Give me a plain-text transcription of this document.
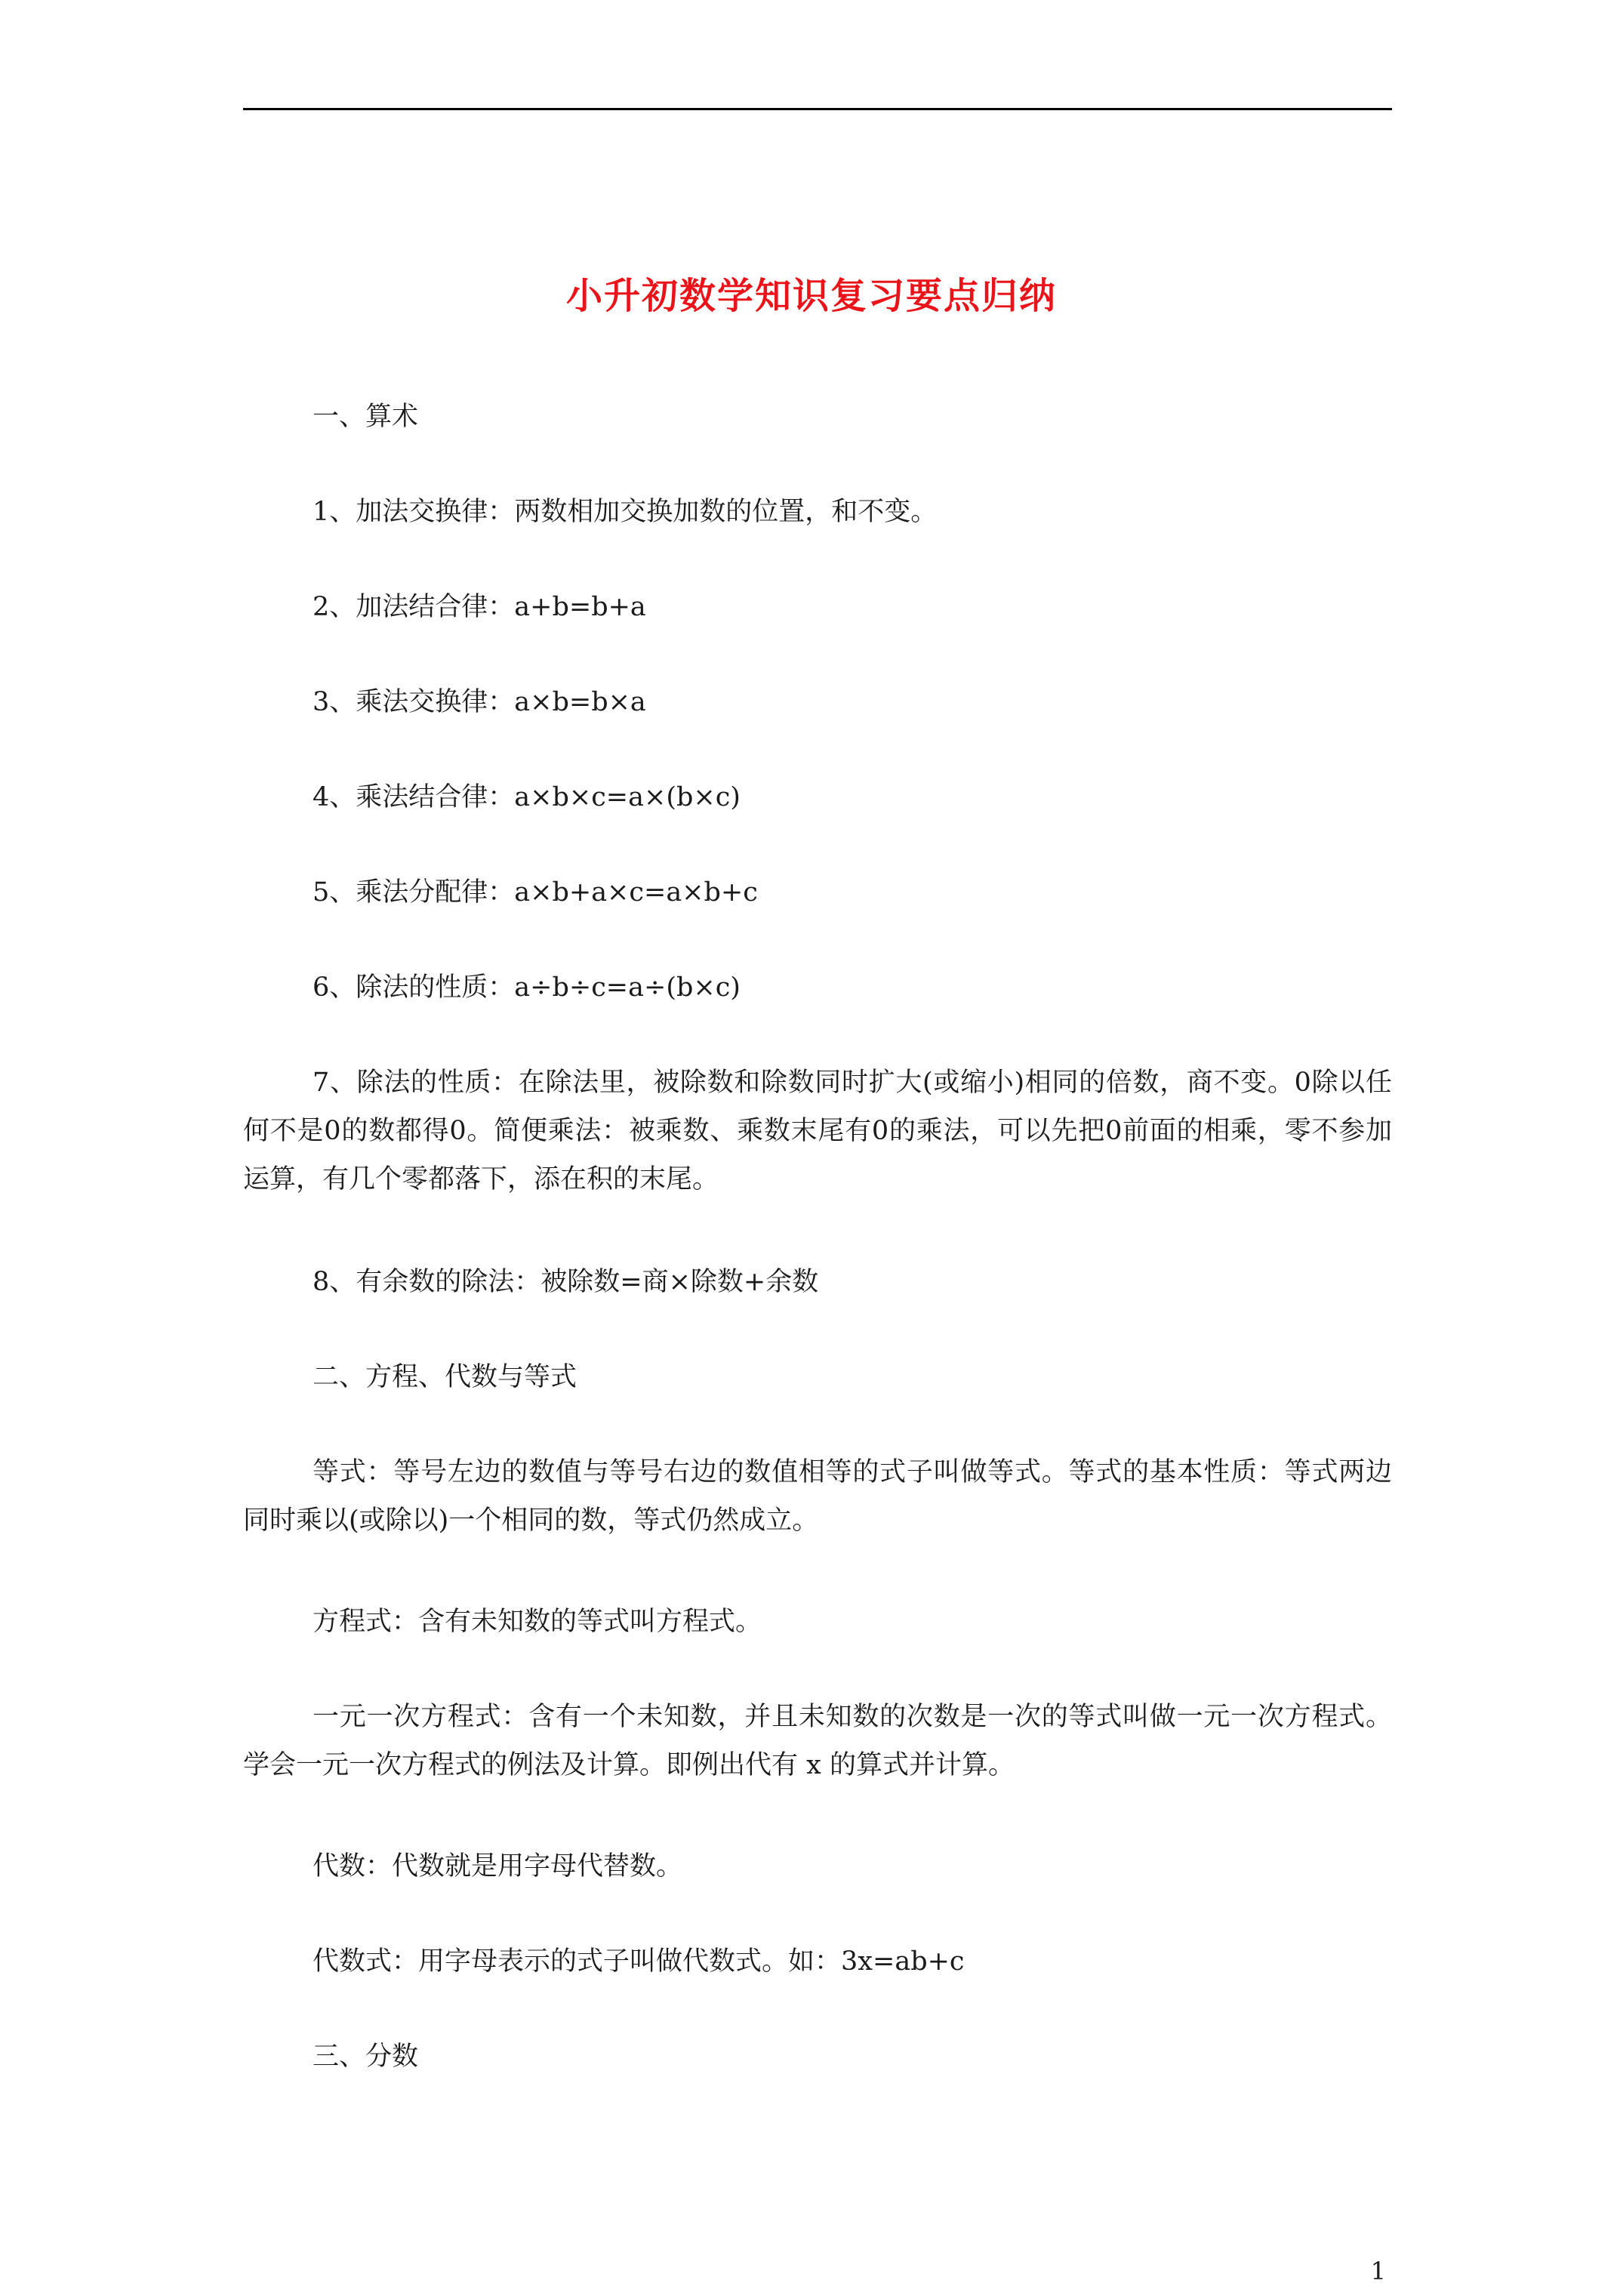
小升初数学知识复习要点归纳

一、算术

1、加法交换律：两数相加交换加数的位置，和不变。

2、加法结合律：a+b=b+a

3、乘法交换律：a×b=b×a

4、乘法结合律：a×b×c=a×(b×c)

5、乘法分配律：a×b+a×c=a×b+c

6、除法的性质：a÷b÷c=a÷(b×c)

7、除法的性质：在除法里，被除数和除数同时扩大(或缩小)相同的倍数，商不变。0除以任何不是0的数都得0。简便乘法：被乘数、乘数末尾有0的乘法，可以先把0前面的相乘，零不参加运算，有几个零都落下，添在积的末尾。

8、有余数的除法：被除数=商×除数+余数

二、方程、代数与等式

等式：等号左边的数值与等号右边的数值相等的式子叫做等式。等式的基本性质：等式两边同时乘以(或除以)一个相同的数，等式仍然成立。

方程式：含有未知数的等式叫方程式。

一元一次方程式：含有一个未知数，并且未知数的次数是一次的等式叫做一元一次方程式。学会一元一次方程式的例法及计算。即例出代有 x 的算式并计算。

代数：代数就是用字母代替数。

代数式：用字母表示的式子叫做代数式。如：3x=ab+c

三、分数

1
